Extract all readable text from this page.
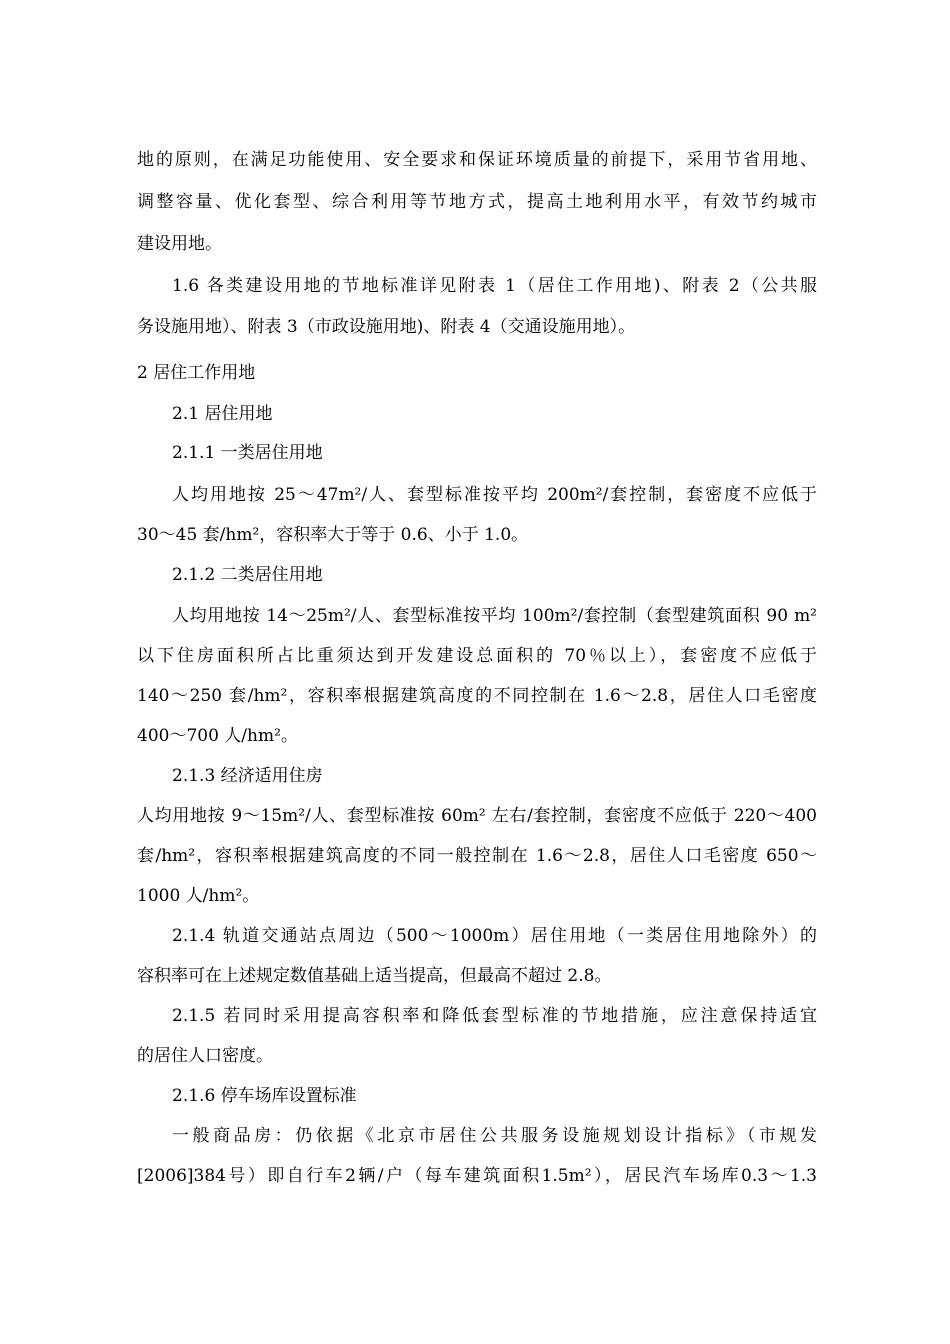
地的原则，在满足功能使用、安全要求和保证环境质量的前提下，采用节省用地、
调整容量、优化套型、综合利用等节地方式，提高土地利用水平，有效节约城市
建设用地。
1.6 各类建设用地的节地标准详见附表 1（居住工作用地)、附表 2（公共服
务设施用地）、附表 3（市政设施用地)、附表 4（交通设施用地）。
2 居住工作用地
2.1 居住用地
2.1.1 一类居住用地
人均用地按 25～47m²/人、套型标准按平均 200m²/套控制，套密度不应低于
30～45 套/hm²，容积率大于等于 0.6、小于 1.0。
2.1.2 二类居住用地
人均用地按 14～25m²/人、套型标准按平均 100m²/套控制（套型建筑面积 90 m²
以下住房面积所占比重须达到开发建设总面积的 70％以上），套密度不应低于
140～250 套/hm²，容积率根据建筑高度的不同控制在 1.6～2.8，居住人口毛密度
400～700 人/hm²。
2.1.3 经济适用住房
人均用地按 9～15m²/人、套型标准按 60m² 左右/套控制，套密度不应低于 220～400
套/hm²，容积率根据建筑高度的不同一般控制在 1.6～2.8，居住人口毛密度 650～
1000 人/hm²。
2.1.4 轨道交通站点周边（500～1000m）居住用地（一类居住用地除外）的
容积率可在上述规定数值基础上适当提高，但最高不超过 2.8。
2.1.5 若同时采用提高容积率和降低套型标准的节地措施，应注意保持适宜
的居住人口密度。
2.1.6 停车场库设置标准
一般商品房：仍依据《北京市居住公共服务设施规划设计指标》（市规发
[2006]384号）即自行车2辆/户（每车建筑面积1.5m²），居民汽车场库0.3～1.3
